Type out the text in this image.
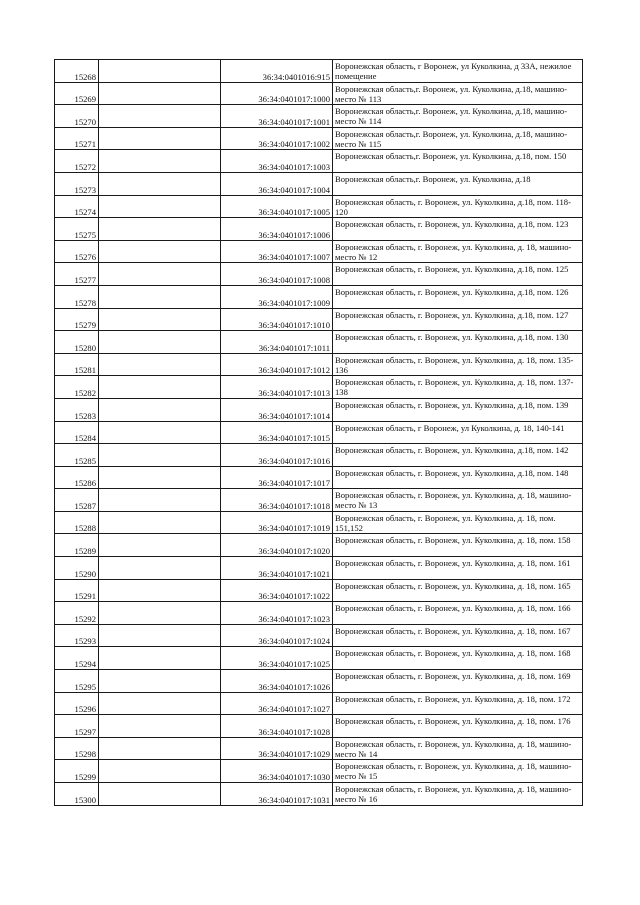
15268		36:34:0401016:915	Воронежская область, г Воронеж, ул Куколкина, д 33А, нежилое помещение
15269		36:34:0401017:1000	Воронежская область,г. Воронеж, ул. Куколкина, д.18, машино-место № 113
15270		36:34:0401017:1001	Воронежская область,г. Воронеж, ул. Куколкина, д.18, машино-место № 114
15271		36:34:0401017:1002	Воронежская область,г. Воронеж, ул. Куколкина, д.18, машино-место № 115
15272		36:34:0401017:1003	Воронежская область,г. Воронеж, ул. Куколкина, д.18, пом. 150
15273		36:34:0401017:1004	Воронежская область,г. Воронеж, ул. Куколкина, д.18
15274		36:34:0401017:1005	Воронежская область, г. Воронеж, ул. Куколкина, д.18, пом. 118-120
15275		36:34:0401017:1006	Воронежская область, г. Воронеж, ул. Куколкина, д.18, пом. 123
15276		36:34:0401017:1007	Воронежская область, г. Воронеж, ул. Куколкина, д. 18, машино-место № 12
15277		36:34:0401017:1008	Воронежская область, г. Воронеж, ул. Куколкина, д.18, пом. 125
15278		36:34:0401017:1009	Воронежская область, г. Воронеж, ул. Куколкина, д.18, пом. 126
15279		36:34:0401017:1010	Воронежская область, г. Воронеж, ул. Куколкина, д.18, пом. 127
15280		36:34:0401017:1011	Воронежская область, г. Воронеж, ул. Куколкина, д.18, пом. 130
15281		36:34:0401017:1012	Воронежская область, г. Воронеж, ул. Куколкина, д. 18, пом. 135-136
15282		36:34:0401017:1013	Воронежская область, г. Воронеж, ул. Куколкина, д. 18, пом. 137-138
15283		36:34:0401017:1014	Воронежская область, г. Воронеж, ул. Куколкина, д.18, пом. 139
15284		36:34:0401017:1015	Воронежская область, г Воронеж, ул Куколкина, д. 18, 140-141
15285		36:34:0401017:1016	Воронежская область, г. Воронеж, ул. Куколкина, д.18, пом. 142
15286		36:34:0401017:1017	Воронежская область, г. Воронеж, ул. Куколкина, д.18, пом. 148
15287		36:34:0401017:1018	Воронежская область, г. Воронеж, ул. Куколкина, д. 18, машино-место № 13
15288		36:34:0401017:1019	Воронежская область, г. Воронеж, ул. Куколкина, д. 18, пом. 151,152
15289		36:34:0401017:1020	Воронежская область, г. Воронеж, ул. Куколкина, д. 18, пом. 158
15290		36:34:0401017:1021	Воронежская область, г. Воронеж, ул. Куколкина, д. 18, пом. 161
15291		36:34:0401017:1022	Воронежская область, г. Воронеж, ул. Куколкина, д. 18, пом. 165
15292		36:34:0401017:1023	Воронежская область, г. Воронеж, ул. Куколкина, д. 18, пом. 166
15293		36:34:0401017:1024	Воронежская область, г. Воронеж, ул. Куколкина, д. 18, пом. 167
15294		36:34:0401017:1025	Воронежская область, г. Воронеж, ул. Куколкина, д. 18, пом. 168
15295		36:34:0401017:1026	Воронежская область, г. Воронеж, ул. Куколкина, д. 18, пом. 169
15296		36:34:0401017:1027	Воронежская область, г. Воронеж, ул. Куколкина, д. 18, пом. 172
15297		36:34:0401017:1028	Воронежская область, г. Воронеж, ул. Куколкина, д. 18, пом. 176
15298		36:34:0401017:1029	Воронежская область, г. Воронеж, ул. Куколкина, д. 18, машино-место № 14
15299		36:34:0401017:1030	Воронежская область, г. Воронеж, ул. Куколкина, д. 18, машино-место № 15
15300		36:34:0401017:1031	Воронежская область, г. Воронеж, ул. Куколкина, д. 18, машино-место № 16
